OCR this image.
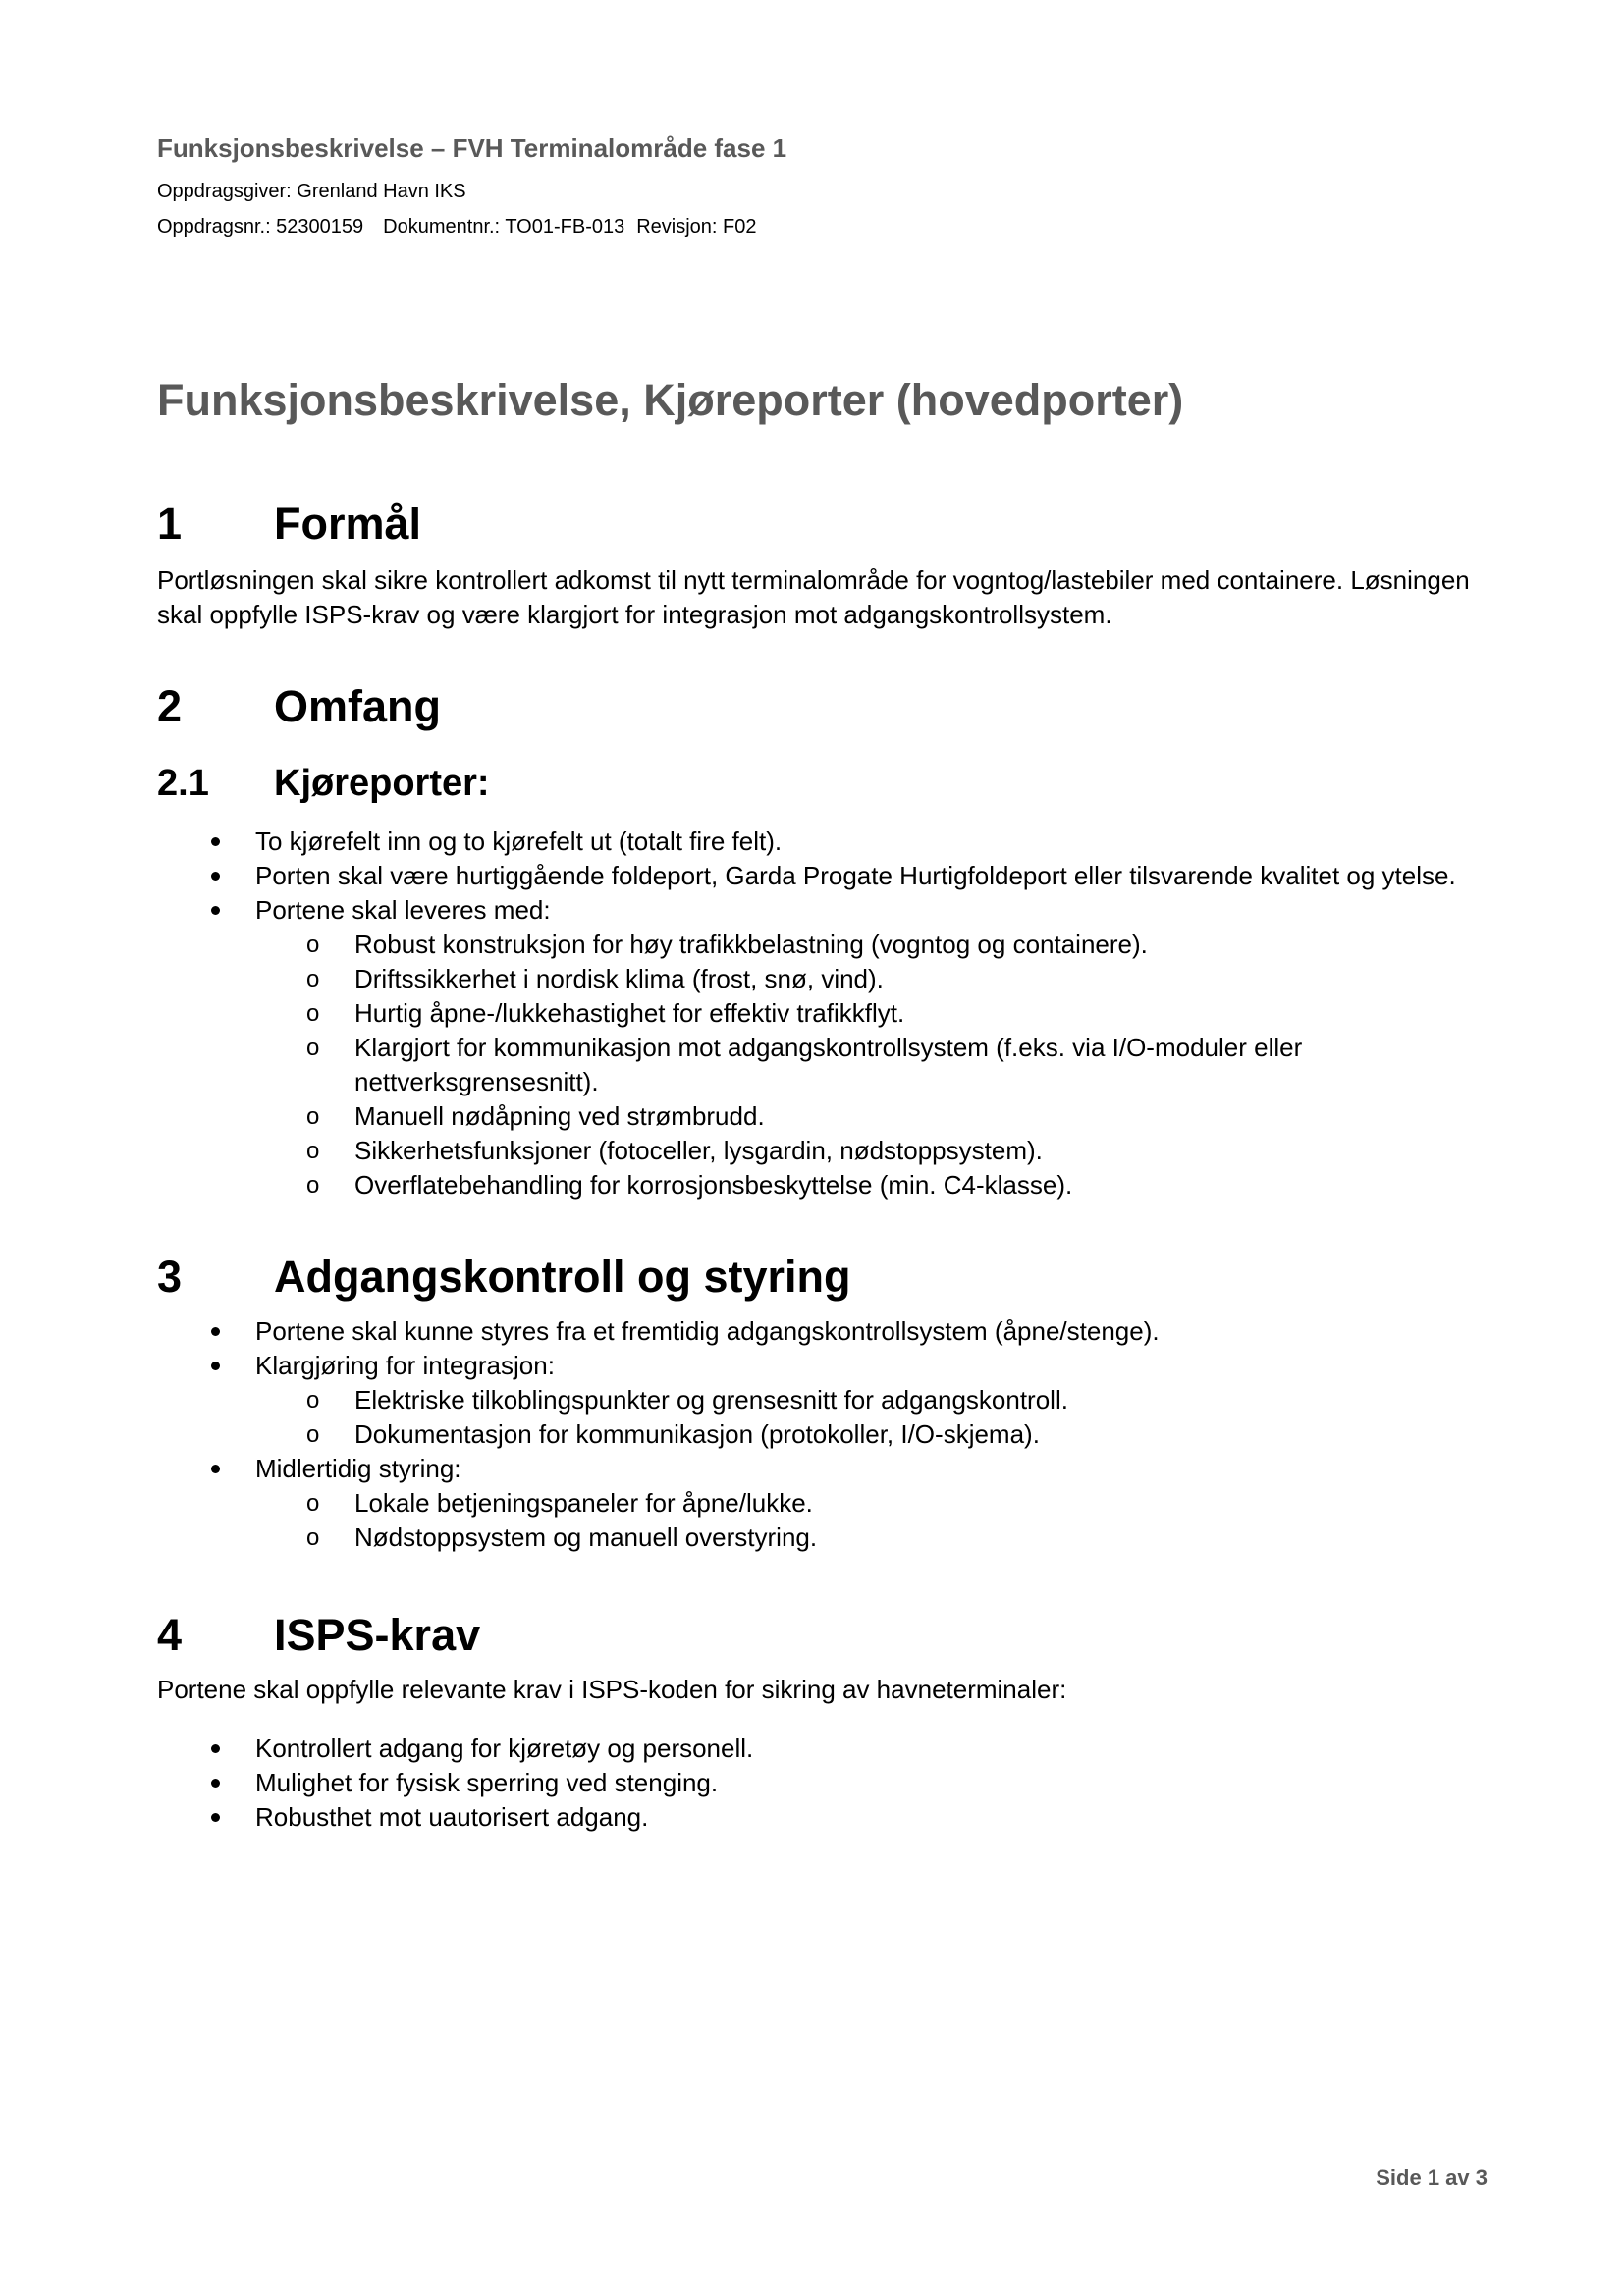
Funksjonsbeskrivelse – FVH Terminalområde fase 1
Oppdragsgiver: Grenland Havn IKS
Oppdragsnr.: 52300159 Dokumentnr.: TO01-FB-013 Revisjon: F02
Funksjonsbeskrivelse, Kjøreporter (hovedporter)
1	Formål

Portløsningen skal sikre kontrollert adkomst til nytt terminalområde for vogntog/lastebiler med containere. Løsningen skal oppfylle ISPS-krav og være klargjort for integrasjon mot adgangskontrollsystem.

2	Omfang
2.1	Kjøreporter:
To kjørefelt inn og to kjørefelt ut (totalt fire felt).
Porten skal være hurtiggående foldeport, Garda Progate Hurtigfoldeport eller tilsvarende kvalitet og ytelse.
Portene skal leveres med:
o Robust konstruksjon for høy trafikkbelastning (vogntog og containere).
o Driftssikkerhet i nordisk klima (frost, snø, vind).
o Hurtig åpne-/lukkehastighet for effektiv trafikkflyt.
o Klargjort for kommunikasjon mot adgangskontrollsystem (f.eks. via I/O-moduler eller nettverksgrensesnitt).
o Manuell nødåpning ved strømbrudd.
o Sikkerhetsfunksjoner (fotoceller, lysgardin, nødstoppsystem).
o Overflatebehandling for korrosjonsbeskyttelse (min. C4-klasse).
3	Adgangskontroll og styring
Portene skal kunne styres fra et fremtidig adgangskontrollsystem (åpne/stenge).
Klargjøring for integrasjon:
o Elektriske tilkoblingspunkter og grensesnitt for adgangskontroll.
o Dokumentasjon for kommunikasjon (protokoller, I/O-skjema).
Midlertidig styring:
o Lokale betjeningspaneler for åpne/lukke.
o Nødstoppsystem og manuell overstyring.
4	ISPS-krav

Portene skal oppfylle relevante krav i ISPS-koden for sikring av havneterminaler:

Kontrollert adgang for kjøretøy og personell.
Mulighet for fysisk sperring ved stenging.
Robusthet mot uautorisert adgang.
Side 1 av 3
